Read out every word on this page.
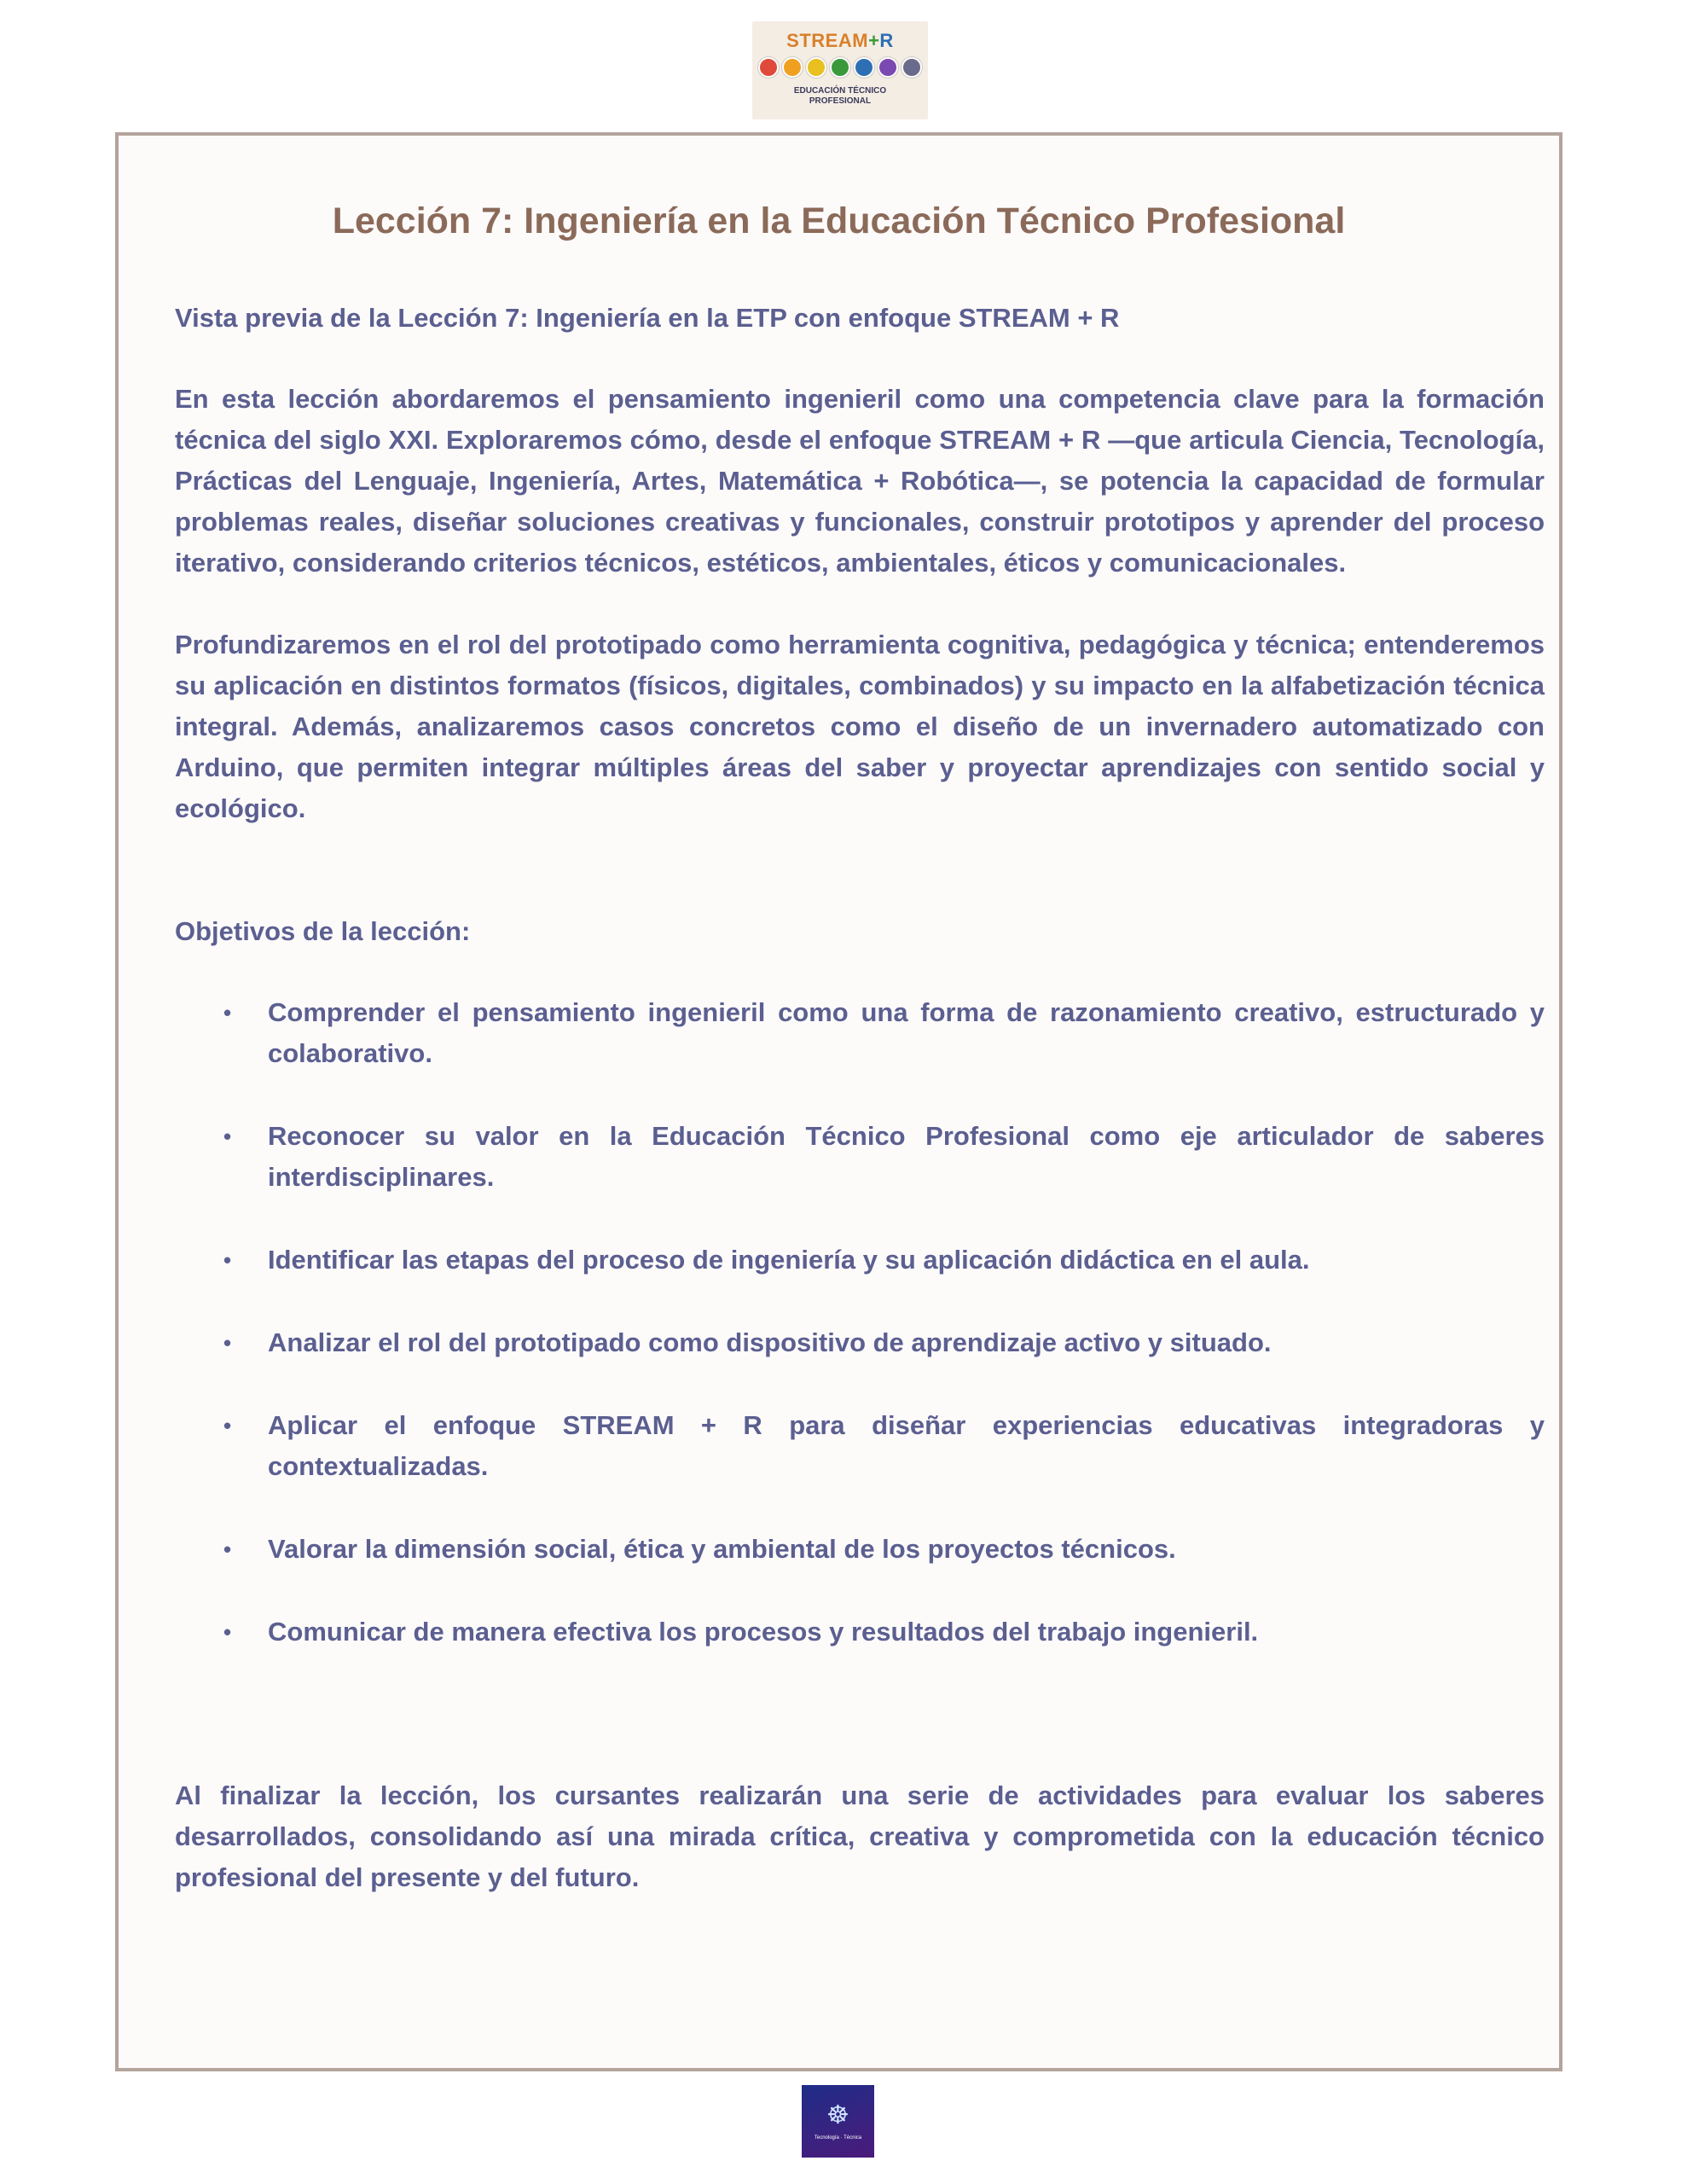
STREAM+R
EDUCACIÓN TÉCNICO
PROFESIONAL
Lección 7: Ingeniería en la Educación Técnico Profesional

Vista previa de la Lección 7: Ingeniería en la ETP con enfoque STREAM + R

En esta lección abordaremos el pensamiento ingenieril como una competencia clave para la formación técnica del siglo XXI. Exploraremos cómo, desde el enfoque STREAM + R —que articula Ciencia, Tecnología, Prácticas del Lenguaje, Ingeniería, Artes, Matemática + Robótica—, se potencia la capacidad de formular problemas reales, diseñar soluciones creativas y funcionales, construir prototipos y aprender del proceso iterativo, considerando criterios técnicos, estéticos, ambientales, éticos y comunicacionales.

Profundizaremos en el rol del prototipado como herramienta cognitiva, pedagógica y técnica; entenderemos su aplicación en distintos formatos (físicos, digitales, combinados) y su impacto en la alfabetización técnica integral. Además, analizaremos casos concretos como el diseño de un invernadero automatizado con Arduino, que permiten integrar múltiples áreas del saber y proyectar aprendizajes con sentido social y ecológico.

Objetivos de la lección:

• Comprender el pensamiento ingenieril como una forma de razonamiento creativo, estructurado y colaborativo.
• Reconocer su valor en la Educación Técnico Profesional como eje articulador de saberes interdisciplinares.
• Identificar las etapas del proceso de ingeniería y su aplicación didáctica en el aula.
• Analizar el rol del prototipado como dispositivo de aprendizaje activo y situado.
• Aplicar el enfoque STREAM + R para diseñar experiencias educativas integradoras y contextualizadas.
• Valorar la dimensión social, ética y ambiental de los proyectos técnicos.
• Comunicar de manera efectiva los procesos y resultados del trabajo ingenieril.

Al finalizar la lección, los cursantes realizarán una serie de actividades para evaluar los saberes desarrollados, consolidando así una mirada crítica, creativa y comprometida con la educación técnico profesional del presente y del futuro.

☸
Tecnología · Técnica
